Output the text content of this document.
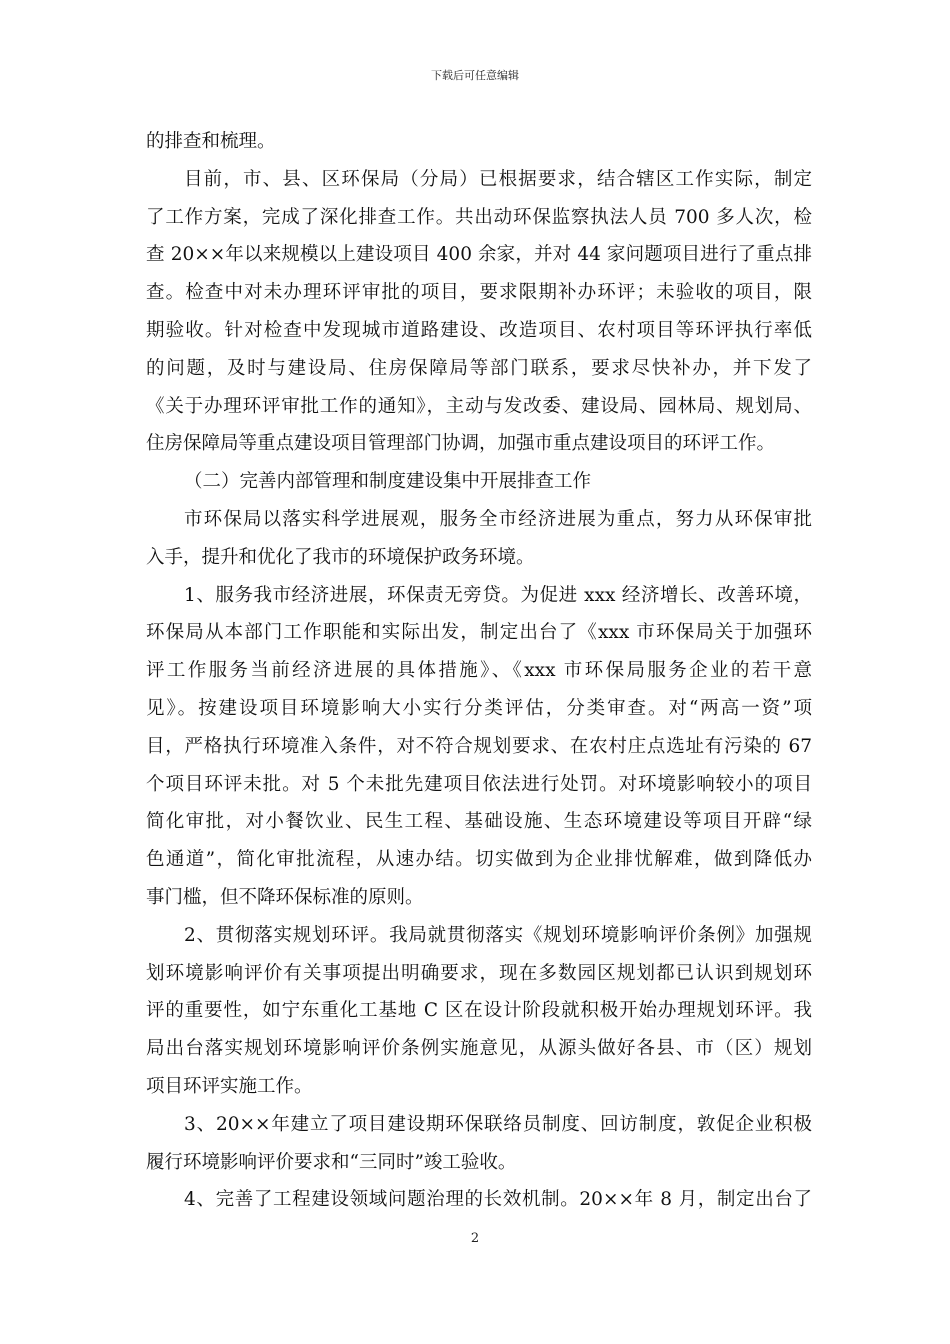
下载后可任意编辑
的排查和梳理。
目前，市、县、区环保局（分局）已根据要求，结合辖区工作实际，制定
了工作方案，完成了深化排查工作。共出动环保监察执法人员 700 多人次，检
查 20××年以来规模以上建设项目 400 余家，并对 44 家问题项目进行了重点排
查。检查中对未办理环评审批的项目，要求限期补办环评；未验收的项目，限
期验收。针对检查中发现城市道路建设、改造项目、农村项目等环评执行率低
的问题，及时与建设局、住房保障局等部门联系，要求尽快补办，并下发了
《关于办理环评审批工作的通知》，主动与发改委、建设局、园林局、规划局、
住房保障局等重点建设项目管理部门协调，加强市重点建设项目的环评工作。
（二）完善内部管理和制度建设集中开展排查工作
市环保局以落实科学进展观，服务全市经济进展为重点，努力从环保审批
入手，提升和优化了我市的环境保护政务环境。
1、服务我市经济进展，环保责无旁贷。为促进 xxx 经济增长、改善环境，
环保局从本部门工作职能和实际出发，制定出台了《xxx 市环保局关于加强环
评工作服务当前经济进展的具体措施》、《xxx 市环保局服务企业的若干意
见》。按建设项目环境影响大小实行分类评估，分类审查。对“两高一资”项
目，严格执行环境准入条件，对不符合规划要求、在农村庄点选址有污染的 67
个项目环评未批。对 5 个未批先建项目依法进行处罚。对环境影响较小的项目
简化审批，对小餐饮业、民生工程、基础设施、生态环境建设等项目开辟“绿
色通道”，简化审批流程，从速办结。切实做到为企业排忧解难，做到降低办
事门槛，但不降环保标准的原则。
2、贯彻落实规划环评。我局就贯彻落实《规划环境影响评价条例》加强规
划环境影响评价有关事项提出明确要求，现在多数园区规划都已认识到规划环
评的重要性，如宁东重化工基地 C 区在设计阶段就积极开始办理规划环评。我
局出台落实规划环境影响评价条例实施意见，从源头做好各县、市（区）规划
项目环评实施工作。
3、20××年建立了项目建设期环保联络员制度、回访制度，敦促企业积极
履行环境影响评价要求和“三同时”竣工验收。
4、完善了工程建设领域问题治理的长效机制。20××年 8 月，制定出台了
2
